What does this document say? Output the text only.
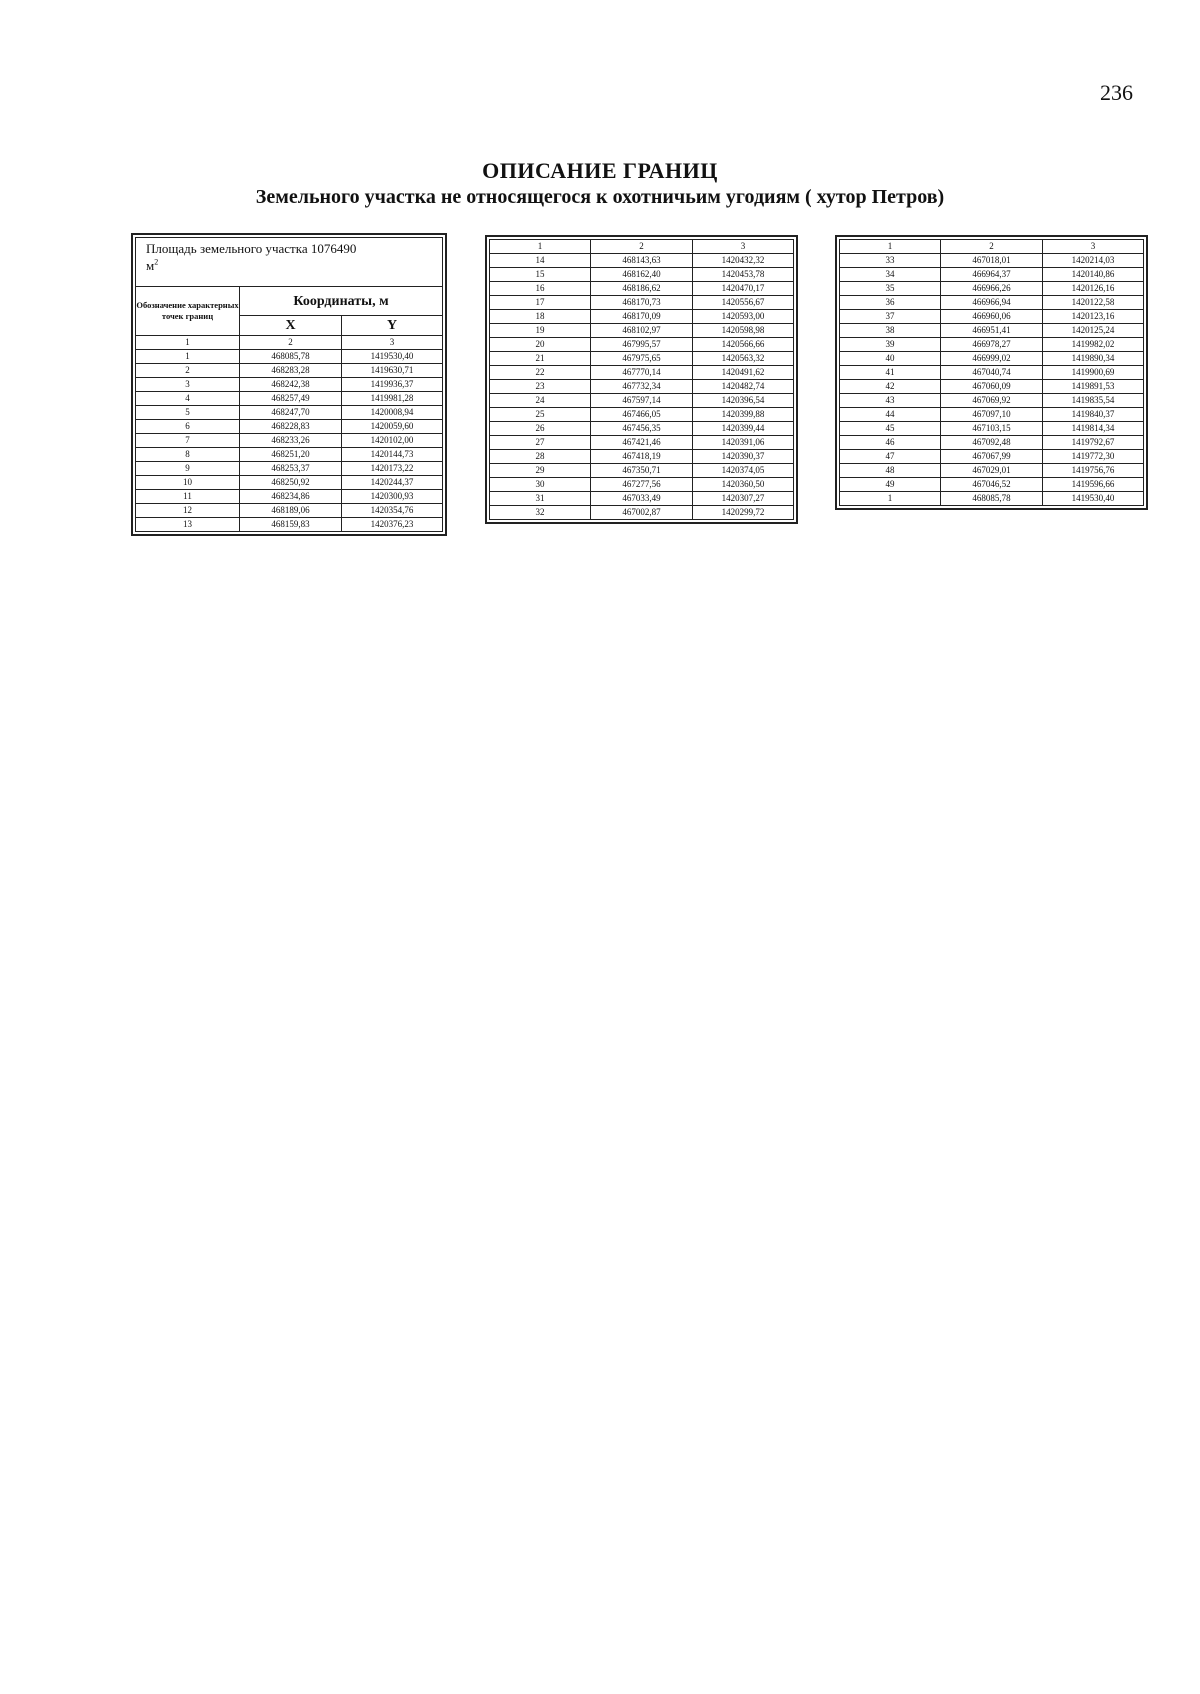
236
ОПИСАНИЕ ГРАНИЦ
Земельного участка не относящегося к охотничьим угодиям ( хутор Петров)
Площадь земельного участка 1076490
$м^2$
Обозначение характерных точек границ	Координаты, м	
	X	Y
1	2	3
1	468085,78	1419530,40
2	468283,28	1419630,71
3	468242,38	1419936,37
4	468257,49	1419981,28
5	468247,70	1420008,94
6	468228,83	1420059,60
7	468233,26	1420102,00
8	468251,20	1420144,73
9	468253,37	1420173,22
10	468250,92	1420244,37
11	468234,86	1420300,93
12	468189,06	1420354,76
13	468159,83	1420376,23
1	2	3
14	468143,63	1420432,32
15	468162,40	1420453,78
16	468186,62	1420470,17
17	468170,73	1420556,67
18	468170,09	1420593,00
19	468102,97	1420598,98
20	467995,57	1420566,66
21	467975,65	1420563,32
22	467770,14	1420491,62
23	467732,34	1420482,74
24	467597,14	1420396,54
25	467466,05	1420399,88
26	467456,35	1420399,44
27	467421,46	1420391,06
28	467418,19	1420390,37
29	467350,71	1420374,05
30	467277,56	1420360,50
31	467033,49	1420307,27
32	467002,87	1420299,72
1	2	3
33	467018,01	1420214,03
34	466964,37	1420140,86
35	466966,26	1420126,16
36	466966,94	1420122,58
37	466960,06	1420123,16
38	466951,41	1420125,24
39	466978,27	1419982,02
40	466999,02	1419890,34
41	467040,74	1419900,69
42	467060,09	1419891,53
43	467069,92	1419835,54
44	467097,10	1419840,37
45	467103,15	1419814,34
46	467092,48	1419792,67
47	467067,99	1419772,30
48	467029,01	1419756,76
49	467046,52	1419596,66
1	468085,78	1419530,40
